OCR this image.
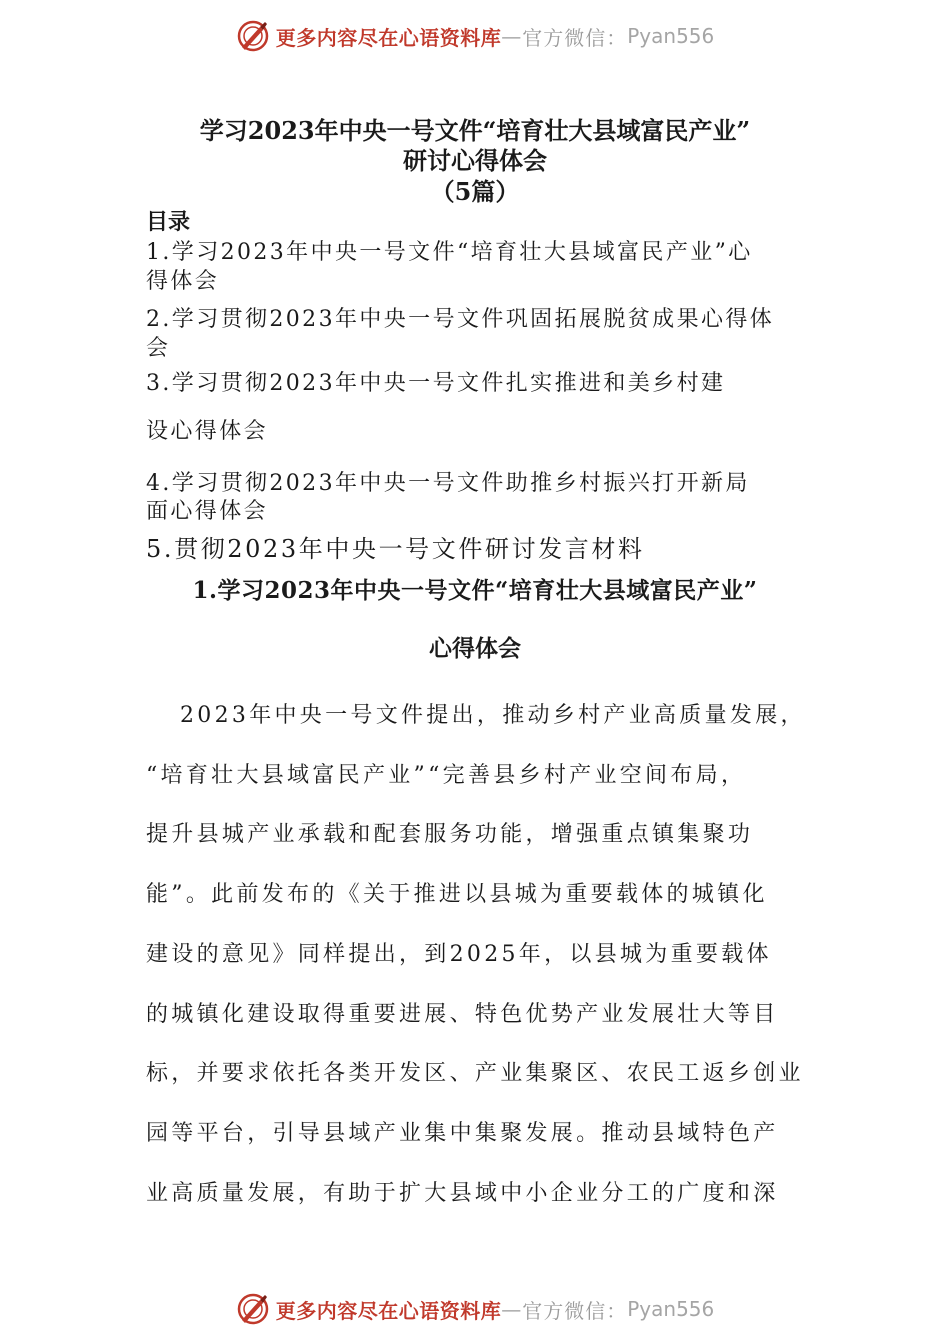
更多内容尽在心语资料库 — 官方微信： Pyan556
学习2023年中央一号文件“培育壮大县域富民产业”
研讨心得体会
（5篇）

目录

1.学习2023年中央一号文件“培育壮大县域富民产业”心
得体会

2.学习贯彻2023年中央一号文件巩固拓展脱贫成果心得体
会

3.学习贯彻2023年中央一号文件扎实推进和美乡村建

设心得体会

4.学习贯彻2023年中央一号文件助推乡村振兴打开新局

面心得体会

5.贯彻2023年中央一号文件研讨发言材料

1.学习2023年中央一号文件“培育壮大县域富民产业”
心得体会

2023年中央一号文件提出，推动乡村产业高质量发展，

“培育壮大县域富民产业”“完善县乡村产业空间布局，

提升县城产业承载和配套服务功能，增强重点镇集聚功

能”。此前发布的《关于推进以县城为重要载体的城镇化

建设的意见》同样提出，到2025年，以县城为重要载体

的城镇化建设取得重要进展、特色优势产业发展壮大等目

标，并要求依托各类开发区、产业集聚区、农民工返乡创业

园等平台，引导县域产业集中集聚发展。推动县域特色产

业高质量发展，有助于扩大县域中小企业分工的广度和深

更多内容尽在心语资料库 — 官方微信： Pyan556
